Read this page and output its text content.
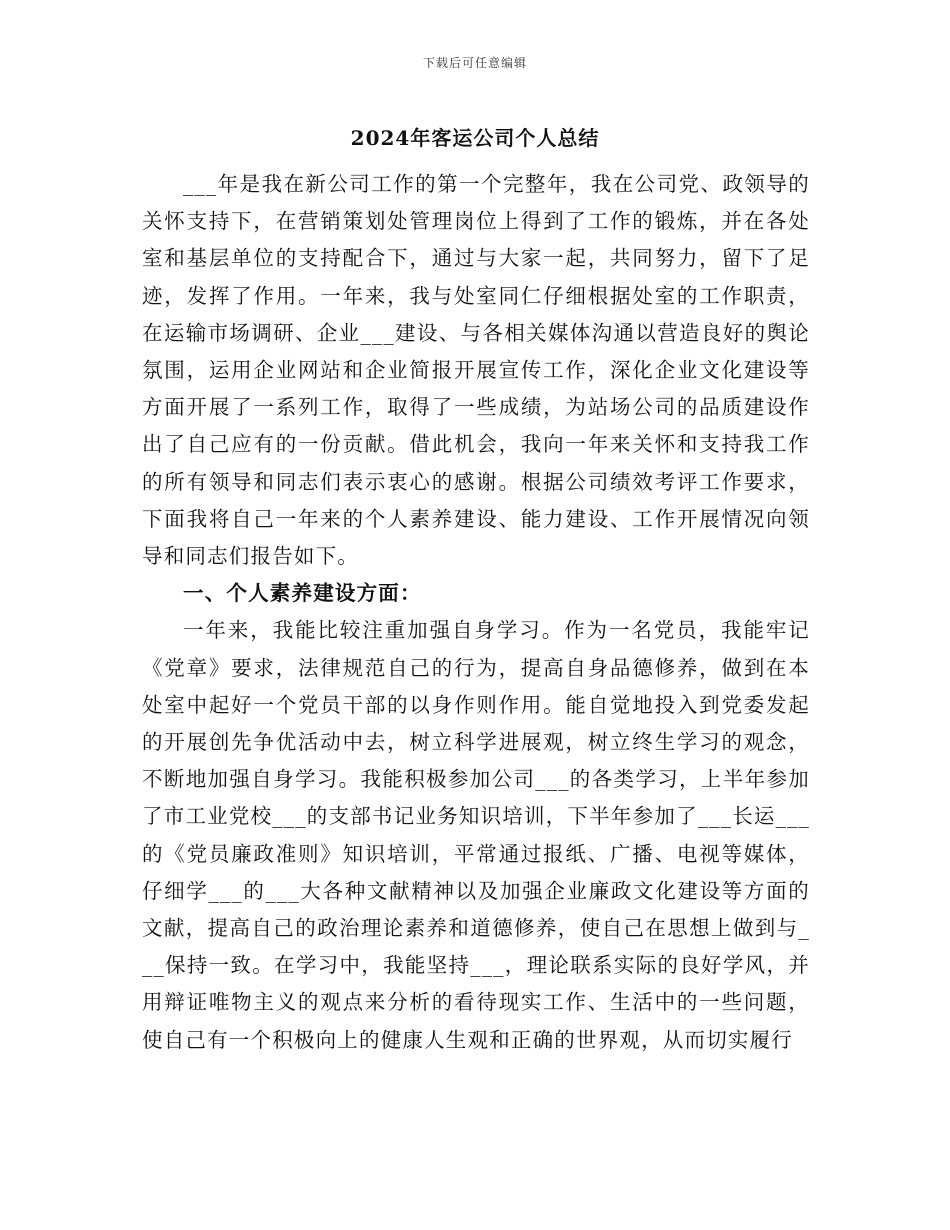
下载后可任意编辑
2024年客运公司个人总结

___年是我在新公司工作的第一个完整年，我在公司党、政领导的关怀支持下，在营销策划处管理岗位上得到了工作的锻炼，并在各处室和基层单位的支持配合下，通过与大家一起，共同努力，留下了足迹，发挥了作用。一年来，我与处室同仁仔细根据处室的工作职责，在运输市场调研、企业___建设、与各相关媒体沟通以营造良好的舆论氛围，运用企业网站和企业简报开展宣传工作，深化企业文化建设等方面开展了一系列工作，取得了一些成绩，为站场公司的品质建设作出了自己应有的一份贡献。借此机会，我向一年来关怀和支持我工作的所有领导和同志们表示衷心的感谢。根据公司绩效考评工作要求，下面我将自己一年来的个人素养建设、能力建设、工作开展情况向领导和同志们报告如下。

一、个人素养建设方面：

一年来，我能比较注重加强自身学习。作为一名党员，我能牢记《党章》要求，法律规范自己的行为，提高自身品德修养，做到在本处室中起好一个党员干部的以身作则作用。能自觉地投入到党委发起的开展创先争优活动中去，树立科学进展观，树立终生学习的观念，不断地加强自身学习。我能积极参加公司___的各类学习，上半年参加了市工业党校___的支部书记业务知识培训，下半年参加了___长运___的《党员廉政准则》知识培训，平常通过报纸、广播、电视等媒体，仔细学___的___大各种文献精神以及加强企业廉政文化建设等方面的文献，提高自己的政治理论素养和道德修养，使自己在思想上做到与___保持一致。在学习中，我能坚持___，理论联系实际的良好学风，并用辩证唯物主义的观点来分析的看待现实工作、生活中的一些问题，使自己有一个积极向上的健康人生观和正确的世界观，从而切实履行
